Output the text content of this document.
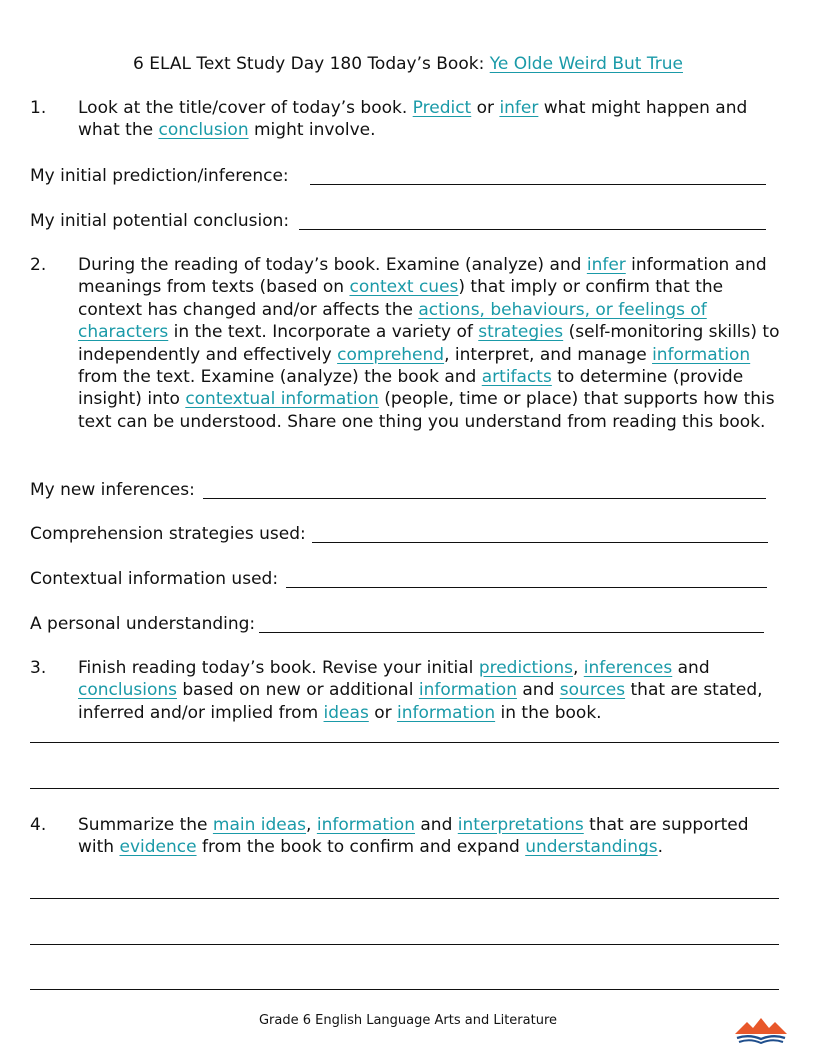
6 ELAL Text Study Day 180 Today’s Book: Ye Olde Weird But True
1. Look at the title/cover of today’s book. Predict or infer what might happen and what the conclusion might involve.
My initial prediction/inference:
My initial potential conclusion:
2. During the reading of today’s book. Examine (analyze) and infer information and meanings from texts (based on context cues) that imply or confirm that the context has changed and/or affects the actions, behaviours, or feelings of characters in the text. Incorporate a variety of strategies (self-monitoring skills) to independently and effectively comprehend, interpret, and manage information from the text. Examine (analyze) the book and artifacts to determine (provide insight) into contextual information (people, time or place) that supports how this text can be understood. Share one thing you understand from reading this book.
My new inferences:
Comprehension strategies used:
Contextual information used:
A personal understanding:
3. Finish reading today’s book. Revise your initial predictions, inferences and conclusions based on new or additional information and sources that are stated, inferred and/or implied from ideas or information in the book.
4. Summarize the main ideas, information and interpretations that are supported with evidence from the book to confirm and expand understandings.
Grade 6 English Language Arts and Literature
